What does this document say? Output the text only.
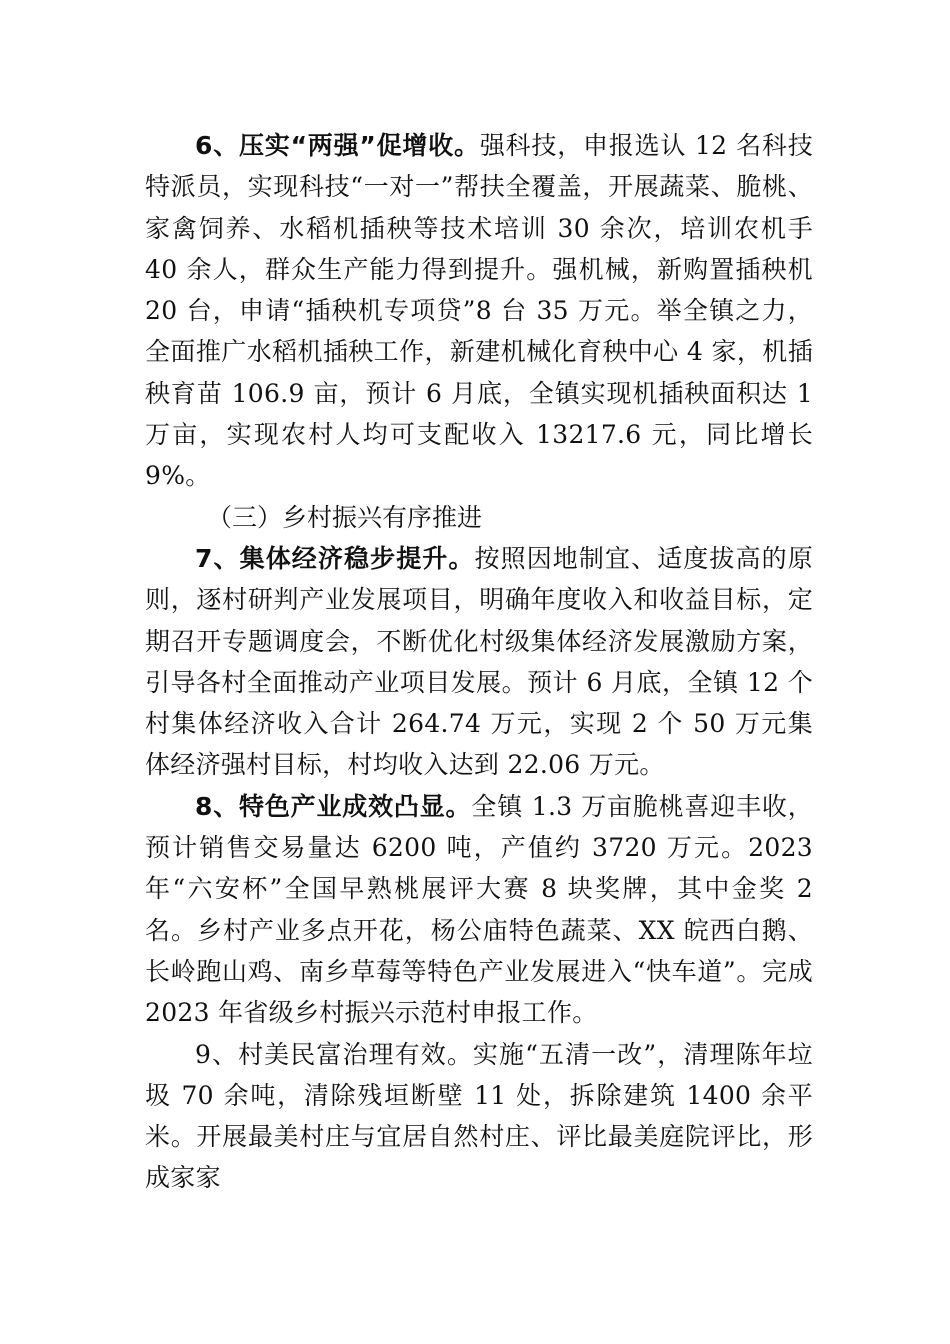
6、压实“两强”促增收。强科技，申报选认 12 名科技特派员，实现科技“一对一”帮扶全覆盖，开展蔬菜、脆桃、家禽饲养、水稻机插秧等技术培训 30 余次，培训农机手 40 余人，群众生产能力得到提升。强机械，新购置插秧机 20 台，申请“插秧机专项贷”8 台 35 万元。举全镇之力，全面推广水稻机插秧工作，新建机械化育秧中心 4 家，机插秧育苗 106.9 亩，预计 6 月底，全镇实现机插秧面积达 1 万亩，实现农村人均可支配收入 13217.6 元，同比增长 9%。

（三）乡村振兴有序推进

7、集体经济稳步提升。按照因地制宜、适度拔高的原则，逐村研判产业发展项目，明确年度收入和收益目标，定期召开专题调度会，不断优化村级集体经济发展激励方案，引导各村全面推动产业项目发展。预计 6 月底，全镇 12 个村集体经济收入合计 264.74 万元，实现 2 个 50 万元集体经济强村目标，村均收入达到 22.06 万元。

8、特色产业成效凸显。全镇 1.3 万亩脆桃喜迎丰收，预计销售交易量达 6200 吨，产值约 3720 万元。2023 年“六安杯”全国早熟桃展评大赛 8 块奖牌，其中金奖 2 名。乡村产业多点开花，杨公庙特色蔬菜、XX 皖西白鹅、长岭跑山鸡、南乡草莓等特色产业发展进入“快车道”。完成 2023 年省级乡村振兴示范村申报工作。

9、村美民富治理有效。实施“五清一改”，清理陈年垃圾 70 余吨，清除残垣断壁 11 处，拆除建筑 1400 余平米。开展最美村庄与宜居自然村庄、评比最美庭院评比，形成家家
